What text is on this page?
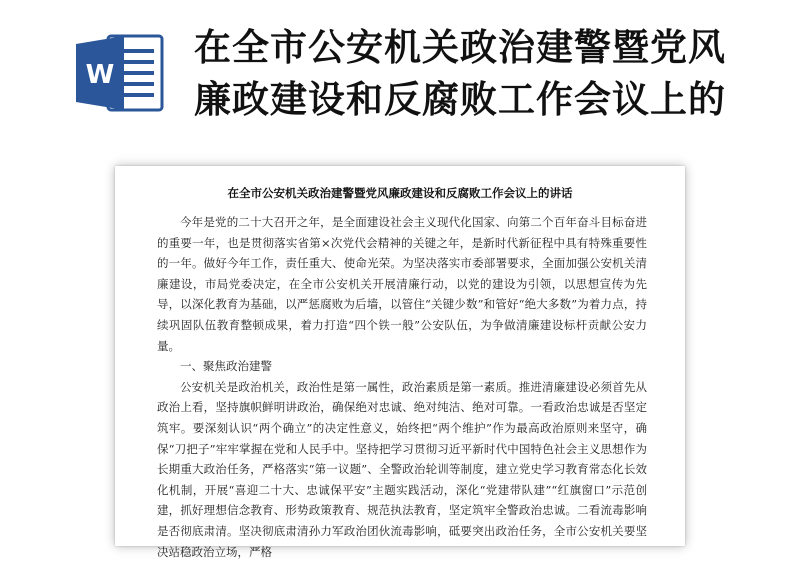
W
在全市公安机关政治建警暨党风
廉政建设和反腐败工作会议上的
在全市公安机关政治建警暨党风廉政建设和反腐败工作会议上的讲话

今年是党的二十大召开之年，是全面建设社会主义现代化国家、向第二个百年奋斗目标奋进的重要一年，也是贯彻落实省第×次党代会精神的关键之年，是新时代新征程中具有特殊重要性的一年。做好今年工作，责任重大、使命光荣。为坚决落实市委部署要求，全面加强公安机关清廉建设，市局党委决定，在全市公安机关开展清廉行动，以党的建设为引领，以思想宣传为先导，以深化教育为基础，以严惩腐败为后墙，以管住“关键少数”和管好“绝大多数”为着力点，持续巩固队伍教育整顿成果，着力打造“四个铁一般”公安队伍，为争做清廉建设标杆贡献公安力量。

一、聚焦政治建警

公安机关是政治机关，政治性是第一属性，政治素质是第一素质。推进清廉建设必须首先从政治上看，坚持旗帜鲜明讲政治，确保绝对忠诚、绝对纯洁、绝对可靠。一看政治忠诚是否坚定筑牢。要深刻认识“两个确立”的决定性意义，始终把“两个维护”作为最高政治原则来坚守，确保“刀把子”牢牢掌握在党和人民手中。坚持把学习贯彻习近平新时代中国特色社会主义思想作为长期重大政治任务，严格落实“第一议题”、全警政治轮训等制度，建立党史学习教育常态化长效化机制，开展“喜迎二十大、忠诚保平安”主题实践活动，深化“党建带队建”“红旗窗口”示范创建，抓好理想信念教育、形势政策教育、规范执法教育，坚定筑牢全警政治忠诚。二看流毒影响是否彻底肃清。坚决彻底肃清孙力军政治团伙流毒影响，砥要突出政治任务，全市公安机关要坚决站稳政治立场，严格
